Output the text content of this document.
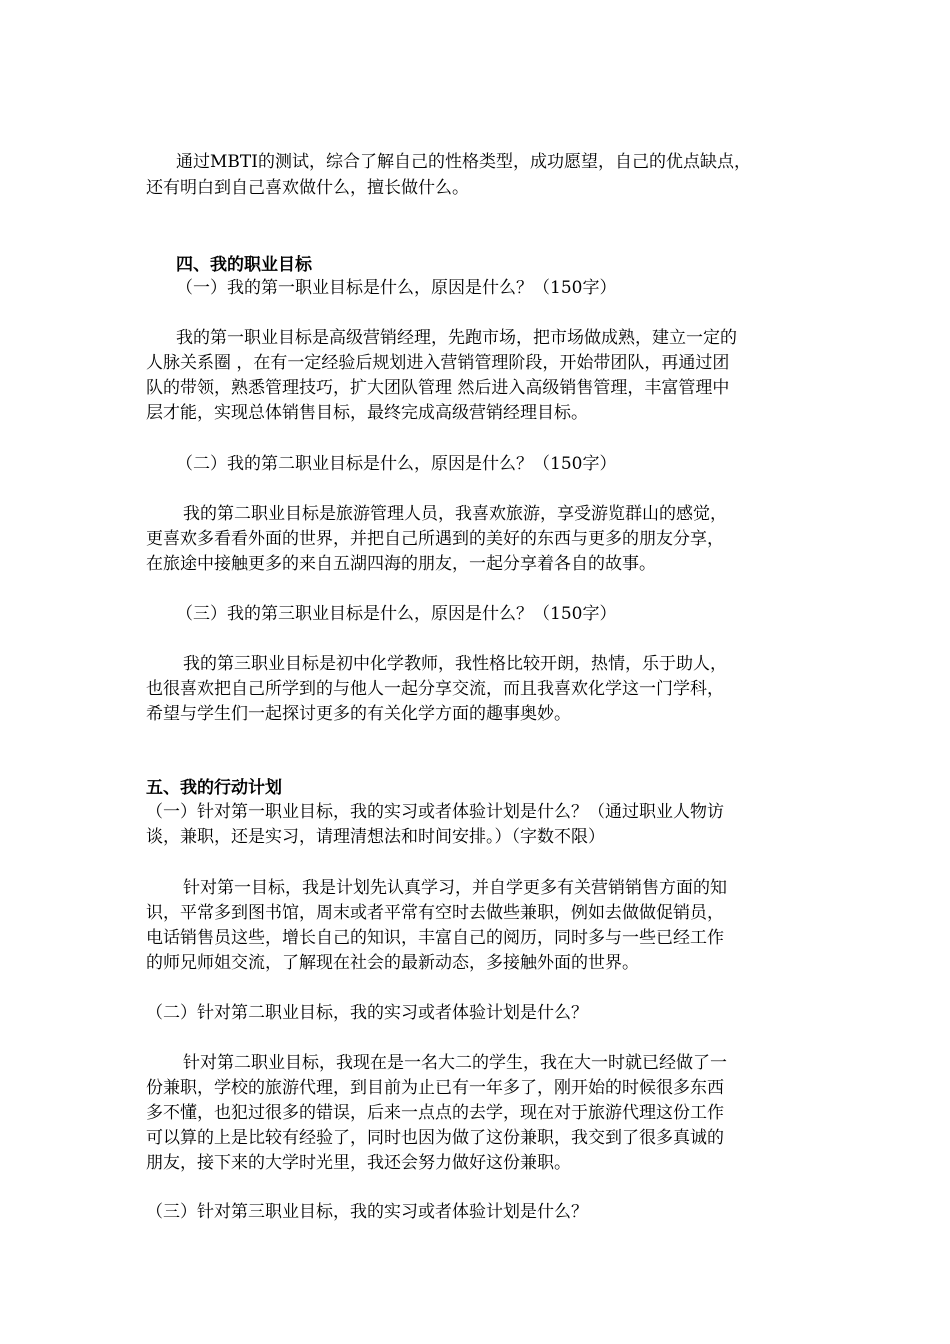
通过MBTI的测试，综合了解自己的性格类型，成功愿望，自己的优点缺点，

还有明白到自己喜欢做什么，擅长做什么。

四、我的职业目标

（一）我的第一职业目标是什么，原因是什么？（150字）

我的第一职业目标是高级营销经理，先跑市场，把市场做成熟，建立一定的

人脉关系圈 ，在有一定经验后规划进入营销管理阶段，开始带团队，再通过团

队的带领，熟悉管理技巧，扩大团队管理 然后进入高级销售管理，丰富管理中

层才能，实现总体销售目标，最终完成高级营销经理目标。

（二）我的第二职业目标是什么，原因是什么？（150字）

我的第二职业目标是旅游管理人员，我喜欢旅游，享受游览群山的感觉，

更喜欢多看看外面的世界，并把自己所遇到的美好的东西与更多的朋友分享，

在旅途中接触更多的来自五湖四海的朋友，一起分享着各自的故事。

（三）我的第三职业目标是什么，原因是什么？（150字）

我的第三职业目标是初中化学教师，我性格比较开朗，热情，乐于助人，

也很喜欢把自己所学到的与他人一起分享交流，而且我喜欢化学这一门学科，

希望与学生们一起探讨更多的有关化学方面的趣事奥妙。

五、我的行动计划

（一）针对第一职业目标，我的实习或者体验计划是什么？（通过职业人物访

谈，兼职，还是实习，请理清想法和时间安排。）（字数不限）

针对第一目标，我是计划先认真学习，并自学更多有关营销销售方面的知

识，平常多到图书馆，周末或者平常有空时去做些兼职，例如去做做促销员，

电话销售员这些，增长自己的知识，丰富自己的阅历，同时多与一些已经工作

的师兄师姐交流，了解现在社会的最新动态，多接触外面的世界。

（二）针对第二职业目标，我的实习或者体验计划是什么？

针对第二职业目标，我现在是一名大二的学生，我在大一时就已经做了一

份兼职，学校的旅游代理，到目前为止已有一年多了，刚开始的时候很多东西

多不懂，也犯过很多的错误，后来一点点的去学，现在对于旅游代理这份工作

可以算的上是比较有经验了，同时也因为做了这份兼职，我交到了很多真诚的

朋友，接下来的大学时光里，我还会努力做好这份兼职。

（三）针对第三职业目标，我的实习或者体验计划是什么？
